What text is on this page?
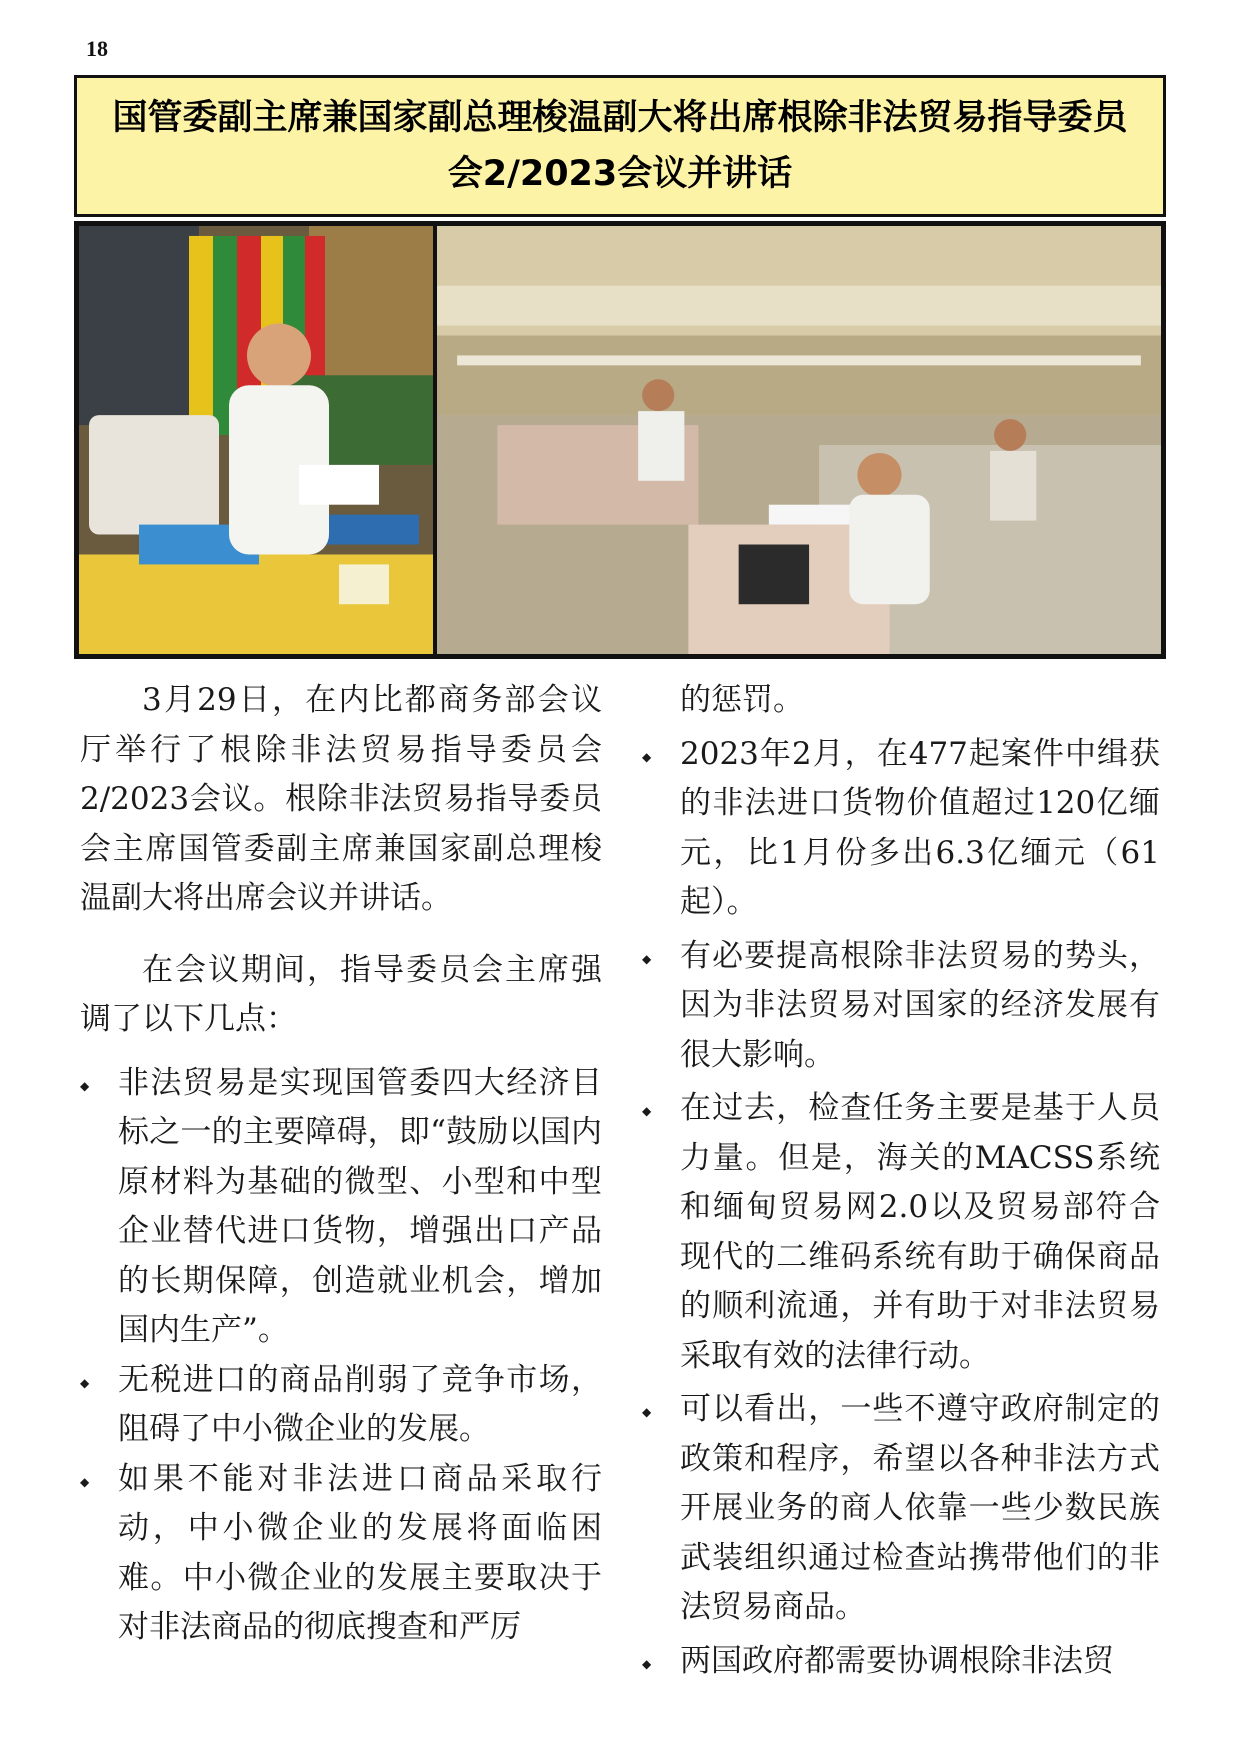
18
国管委副主席兼国家副总理梭温副大将出席根除非法贸易指导委员会2/2023会议并讲话

3月29日，在内比都商务部会议厅举行了根除非法贸易指导委员会2/2023会议。根除非法贸易指导委员会主席国管委副主席兼国家副总理梭温副大将出席会议并讲话。

在会议期间，指导委员会主席强调了以下几点：

◆
非法贸易是实现国管委四大经济目标之一的主要障碍，即“鼓励以国内原材料为基础的微型、小型和中型企业替代进口货物，增强出口产品的长期保障，创造就业机会，增加国内生产”。
◆
无税进口的商品削弱了竞争市场，阻碍了中小微企业的发展。
◆
如果不能对非法进口商品采取行动，中小微企业的发展将面临困难。中小微企业的发展主要取决于对非法商品的彻底搜查和严厉
的惩罚。
◆
2023年2月，在477起案件中缉获的非法进口货物价值超过120亿缅元，比1月份多出6.3亿缅元（61起）。
◆
有必要提高根除非法贸易的势头，因为非法贸易对国家的经济发展有很大影响。
◆
在过去，检查任务主要是基于人员力量。但是，海关的MACSS系统和缅甸贸易网2.0以及贸易部符合现代的二维码系统有助于确保商品的顺利流通，并有助于对非法贸易采取有效的法律行动。
◆
可以看出，一些不遵守政府制定的政策和程序，希望以各种非法方式开展业务的商人依靠一些少数民族武装组织通过检查站携带他们的非法贸易商品。
◆
两国政府都需要协调根除非法贸
